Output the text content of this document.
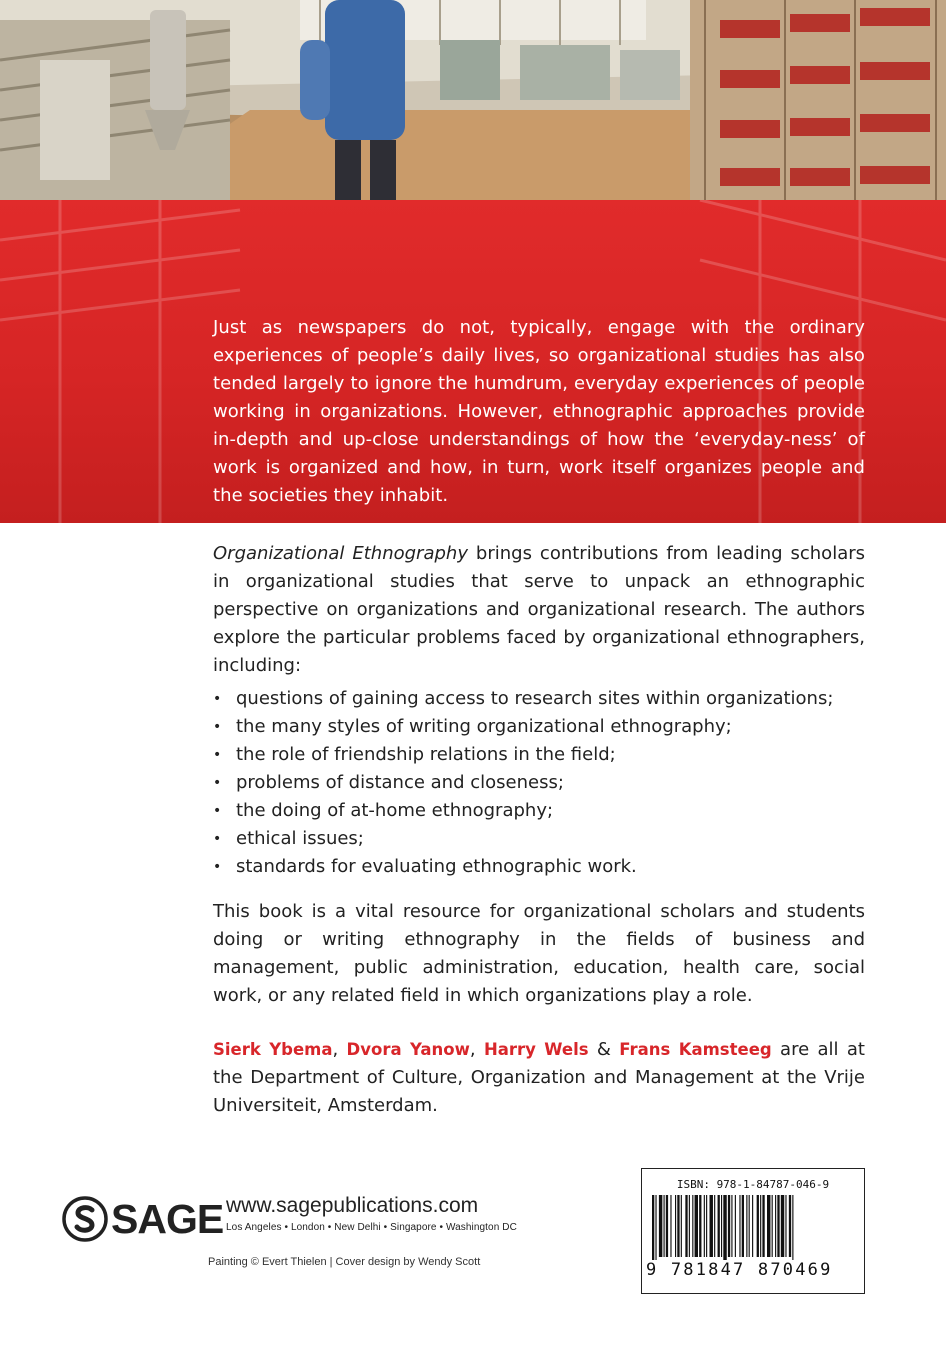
Just as newspapers do not, typically, engage with the ordinary experiences of people’s daily lives, so organizational studies has also tended largely to ignore the humdrum, everyday experiences of people working in organizations. However, ethnographic approaches provide in-depth and up-close understandings of how the ‘everyday-ness’ of work is organized and how, in turn, work itself organizes people and the societies they inhabit.

Organizational Ethnography brings contributions from leading scholars in organizational studies that serve to unpack an ethnographic perspective on organizations and organizational research. The authors explore the particular problems faced by organizational ethnographers, including:

• questions of gaining access to research sites within organizations;
• the many styles of writing organizational ethnography;
• the role of friendship relations in the field;
• problems of distance and closeness;
• the doing of at-home ethnography;
• ethical issues;
• standards for evaluating ethnographic work.

This book is a vital resource for organizational scholars and students doing or writing ethnography in the fields of business and management, public administration, education, health care, social work, or any related field in which organizations play a role.

Sierk Ybema, Dvora Yanow, Harry Wels & Frans Kamsteeg are all at the Department of Culture, Organization and Management at the Vrije Universiteit, Amsterdam.

SAGE www.sagepublications.com
Los Angeles • London • New Delhi • Singapore • Washington DC
Painting © Evert Thielen | Cover design by Wendy Scott
ISBN: 978-1-84787-046-9
9 781847 870469
